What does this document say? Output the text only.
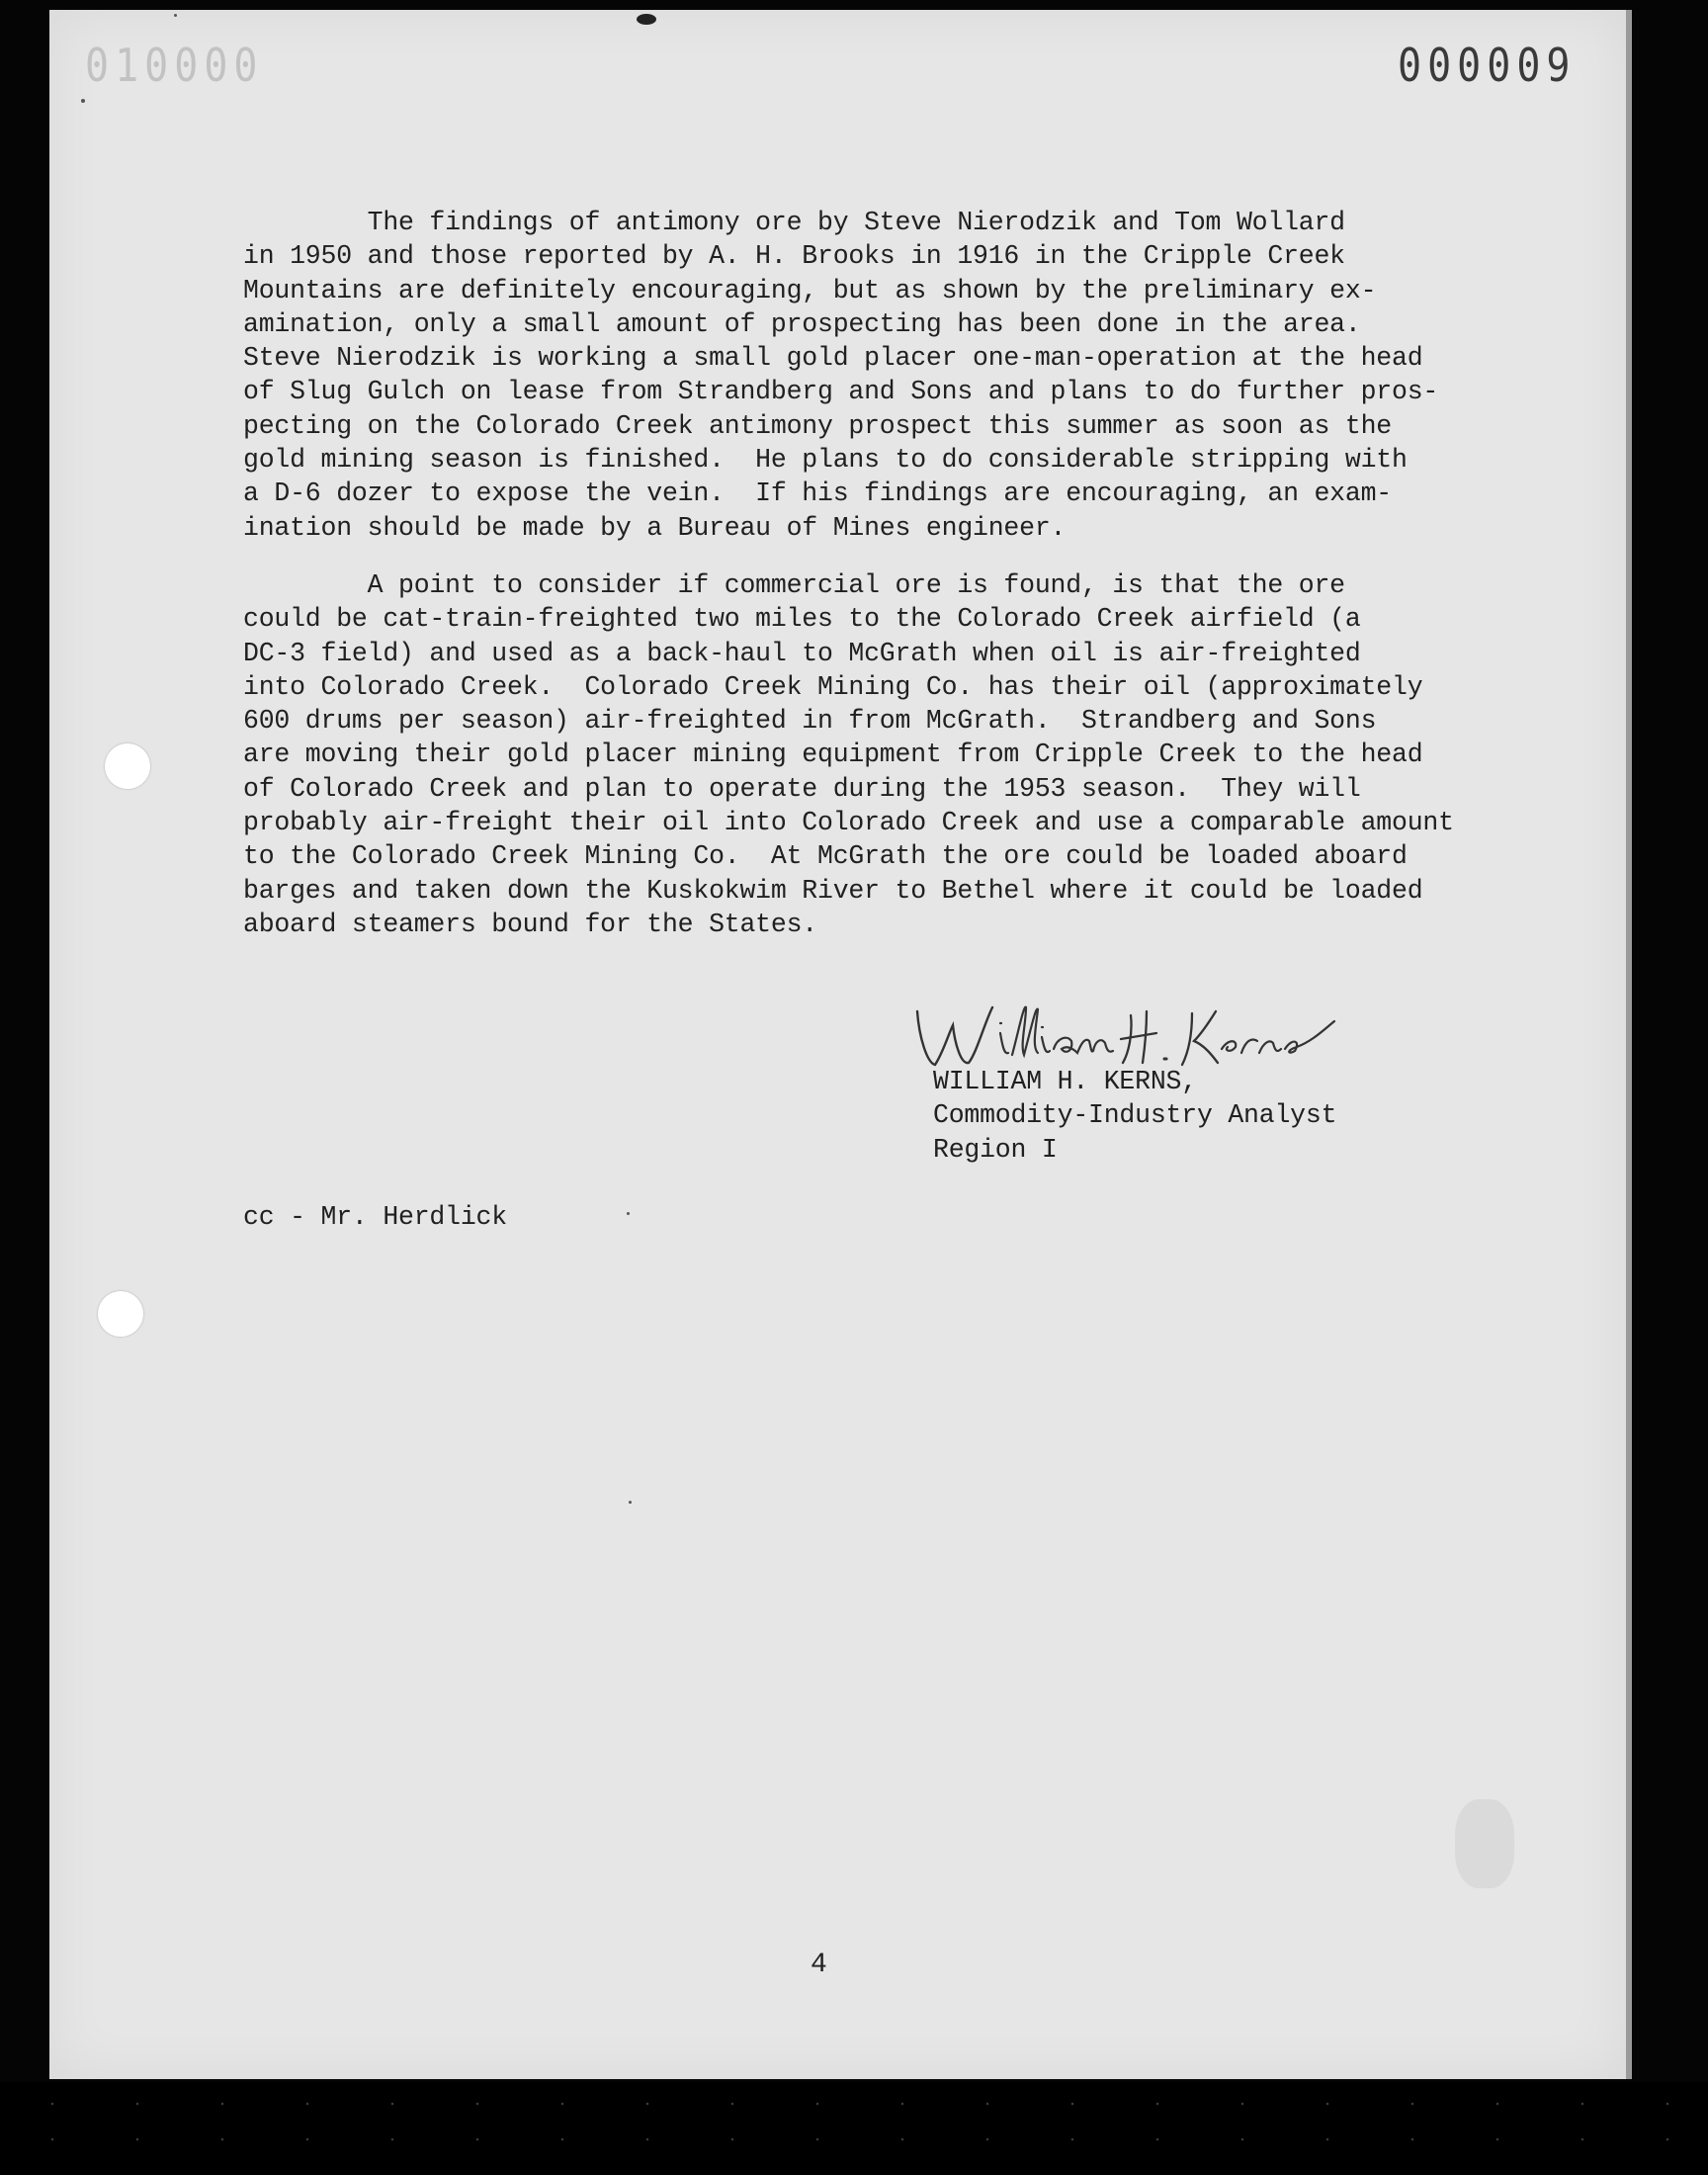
010000	000009

The findings of antimony ore by Steve Nierodzik and Tom Wollard
in 1950 and those reported by A. H. Brooks in 1916 in the Cripple Creek
Mountains are definitely encouraging, but as shown by the preliminary ex-
amination, only a small amount of prospecting has been done in the area.
Steve Nierodzik is working a small gold placer one-man-operation at the head
of Slug Gulch on lease from Strandberg and Sons and plans to do further pros-
pecting on the Colorado Creek antimony prospect this summer as soon as the
gold mining season is finished.  He plans to do considerable stripping with
a D-6 dozer to expose the vein.  If his findings are encouraging, an exam-
ination should be made by a Bureau of Mines engineer.

A point to consider if commercial ore is found, is that the ore
could be cat-train-freighted two miles to the Colorado Creek airfield (a
DC-3 field) and used as a back-haul to McGrath when oil is air-freighted
into Colorado Creek.  Colorado Creek Mining Co. has their oil (approximately
600 drums per season) air-freighted in from McGrath.  Strandberg and Sons
are moving their gold placer mining equipment from Cripple Creek to the head
of Colorado Creek and plan to operate during the 1953 season.  They will
probably air-freight their oil into Colorado Creek and use a comparable amount
to the Colorado Creek Mining Co.  At McGrath the ore could be loaded aboard
barges and taken down the Kuskokwim River to Bethel where it could be loaded
aboard steamers bound for the States.

WILLIAM H. KERNS,
Commodity-Industry Analyst
Region I
cc - Mr. Herdlick
4
